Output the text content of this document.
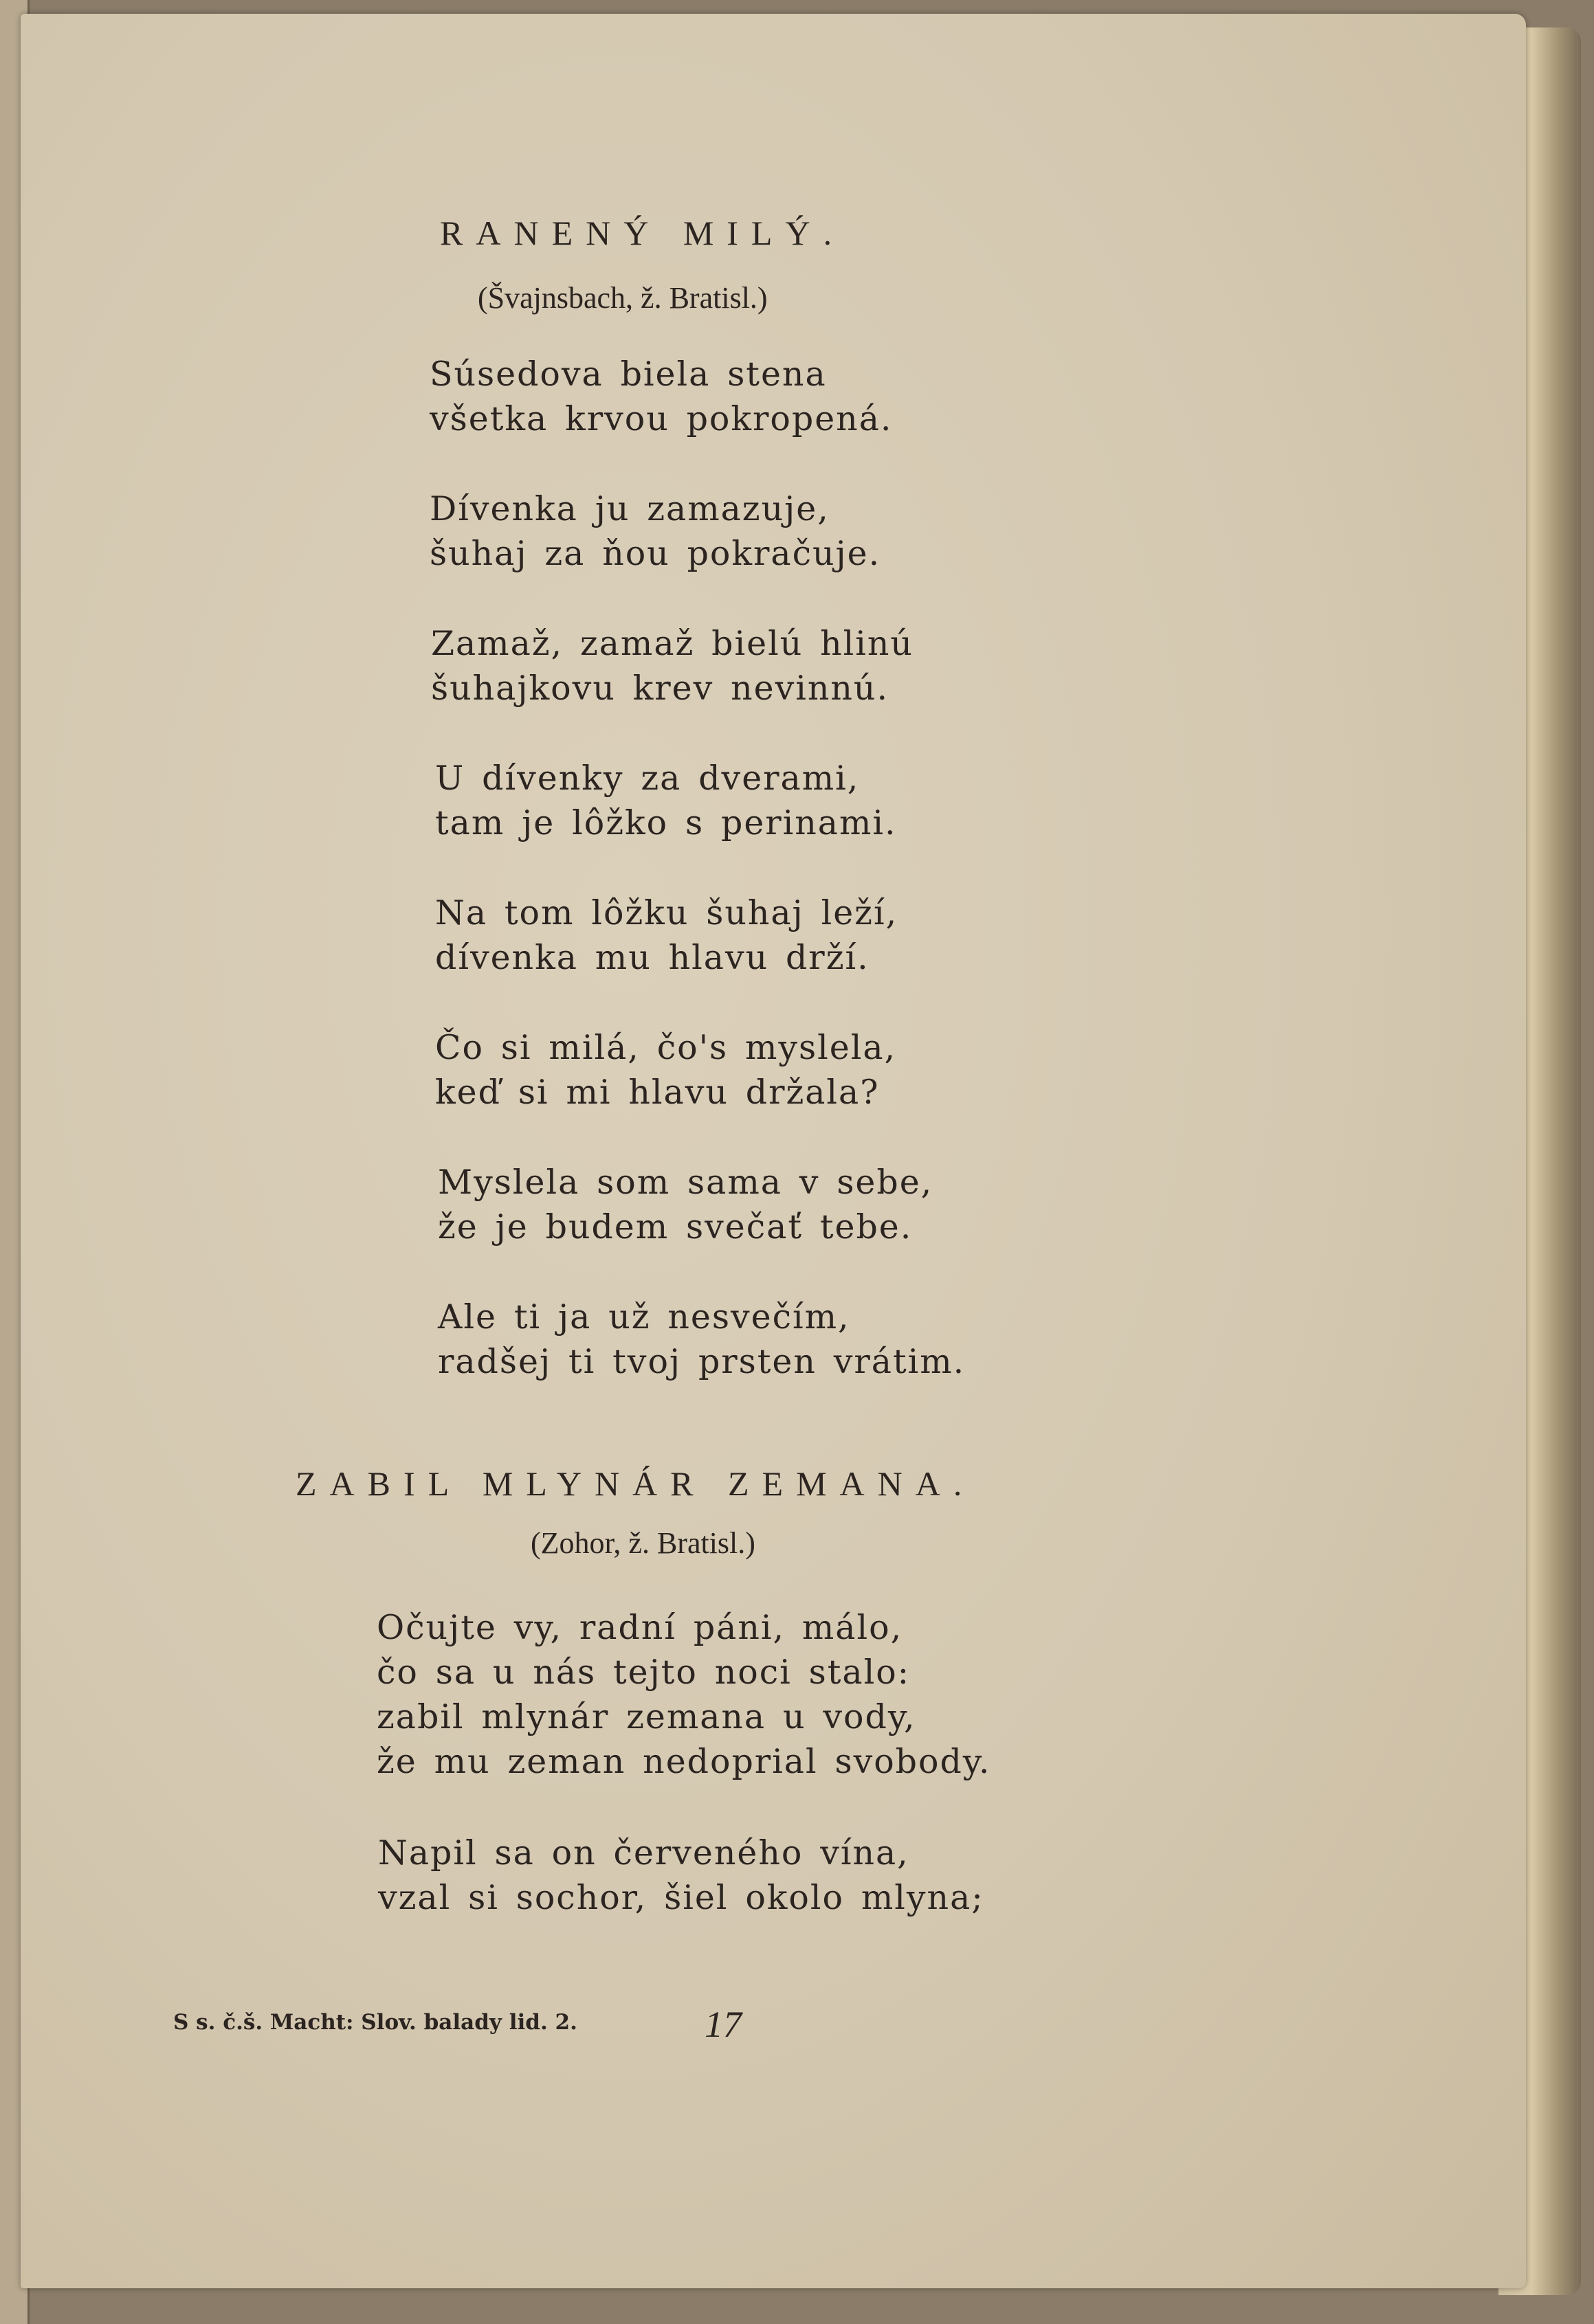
RANENÝ MILÝ.
(Švajnsbach, ž. Bratisl.)
Súsedova biela stena
všetka krvou pokropená.
Dívenka ju zamazuje,
šuhaj za ňou pokračuje.
Zamaž, zamaž bielú hlinú
šuhajkovu krev nevinnú.
U dívenky za dverami,
tam je lôžko s perinami.
Na tom lôžku šuhaj leží,
dívenka mu hlavu drží.
Čo si milá, čo's myslela,
keď si mi hlavu držala?
Myslela som sama v sebe,
že je budem svečať tebe.
Ale ti ja už nesvečím,
radšej ti tvoj prsten vrátim.
ZABIL MLYNÁR ZEMANA.
(Zohor, ž. Bratisl.)
Očujte vy, radní páni, málo,
čo sa u nás tejto noci stalo:
zabil mlynár zemana u vody,
že mu zeman nedoprial svobody.
Napil sa on červeného vína,
vzal si sochor, šiel okolo mlyna;
S s. č.š. Macht: Slov. balady lid. 2.	17
